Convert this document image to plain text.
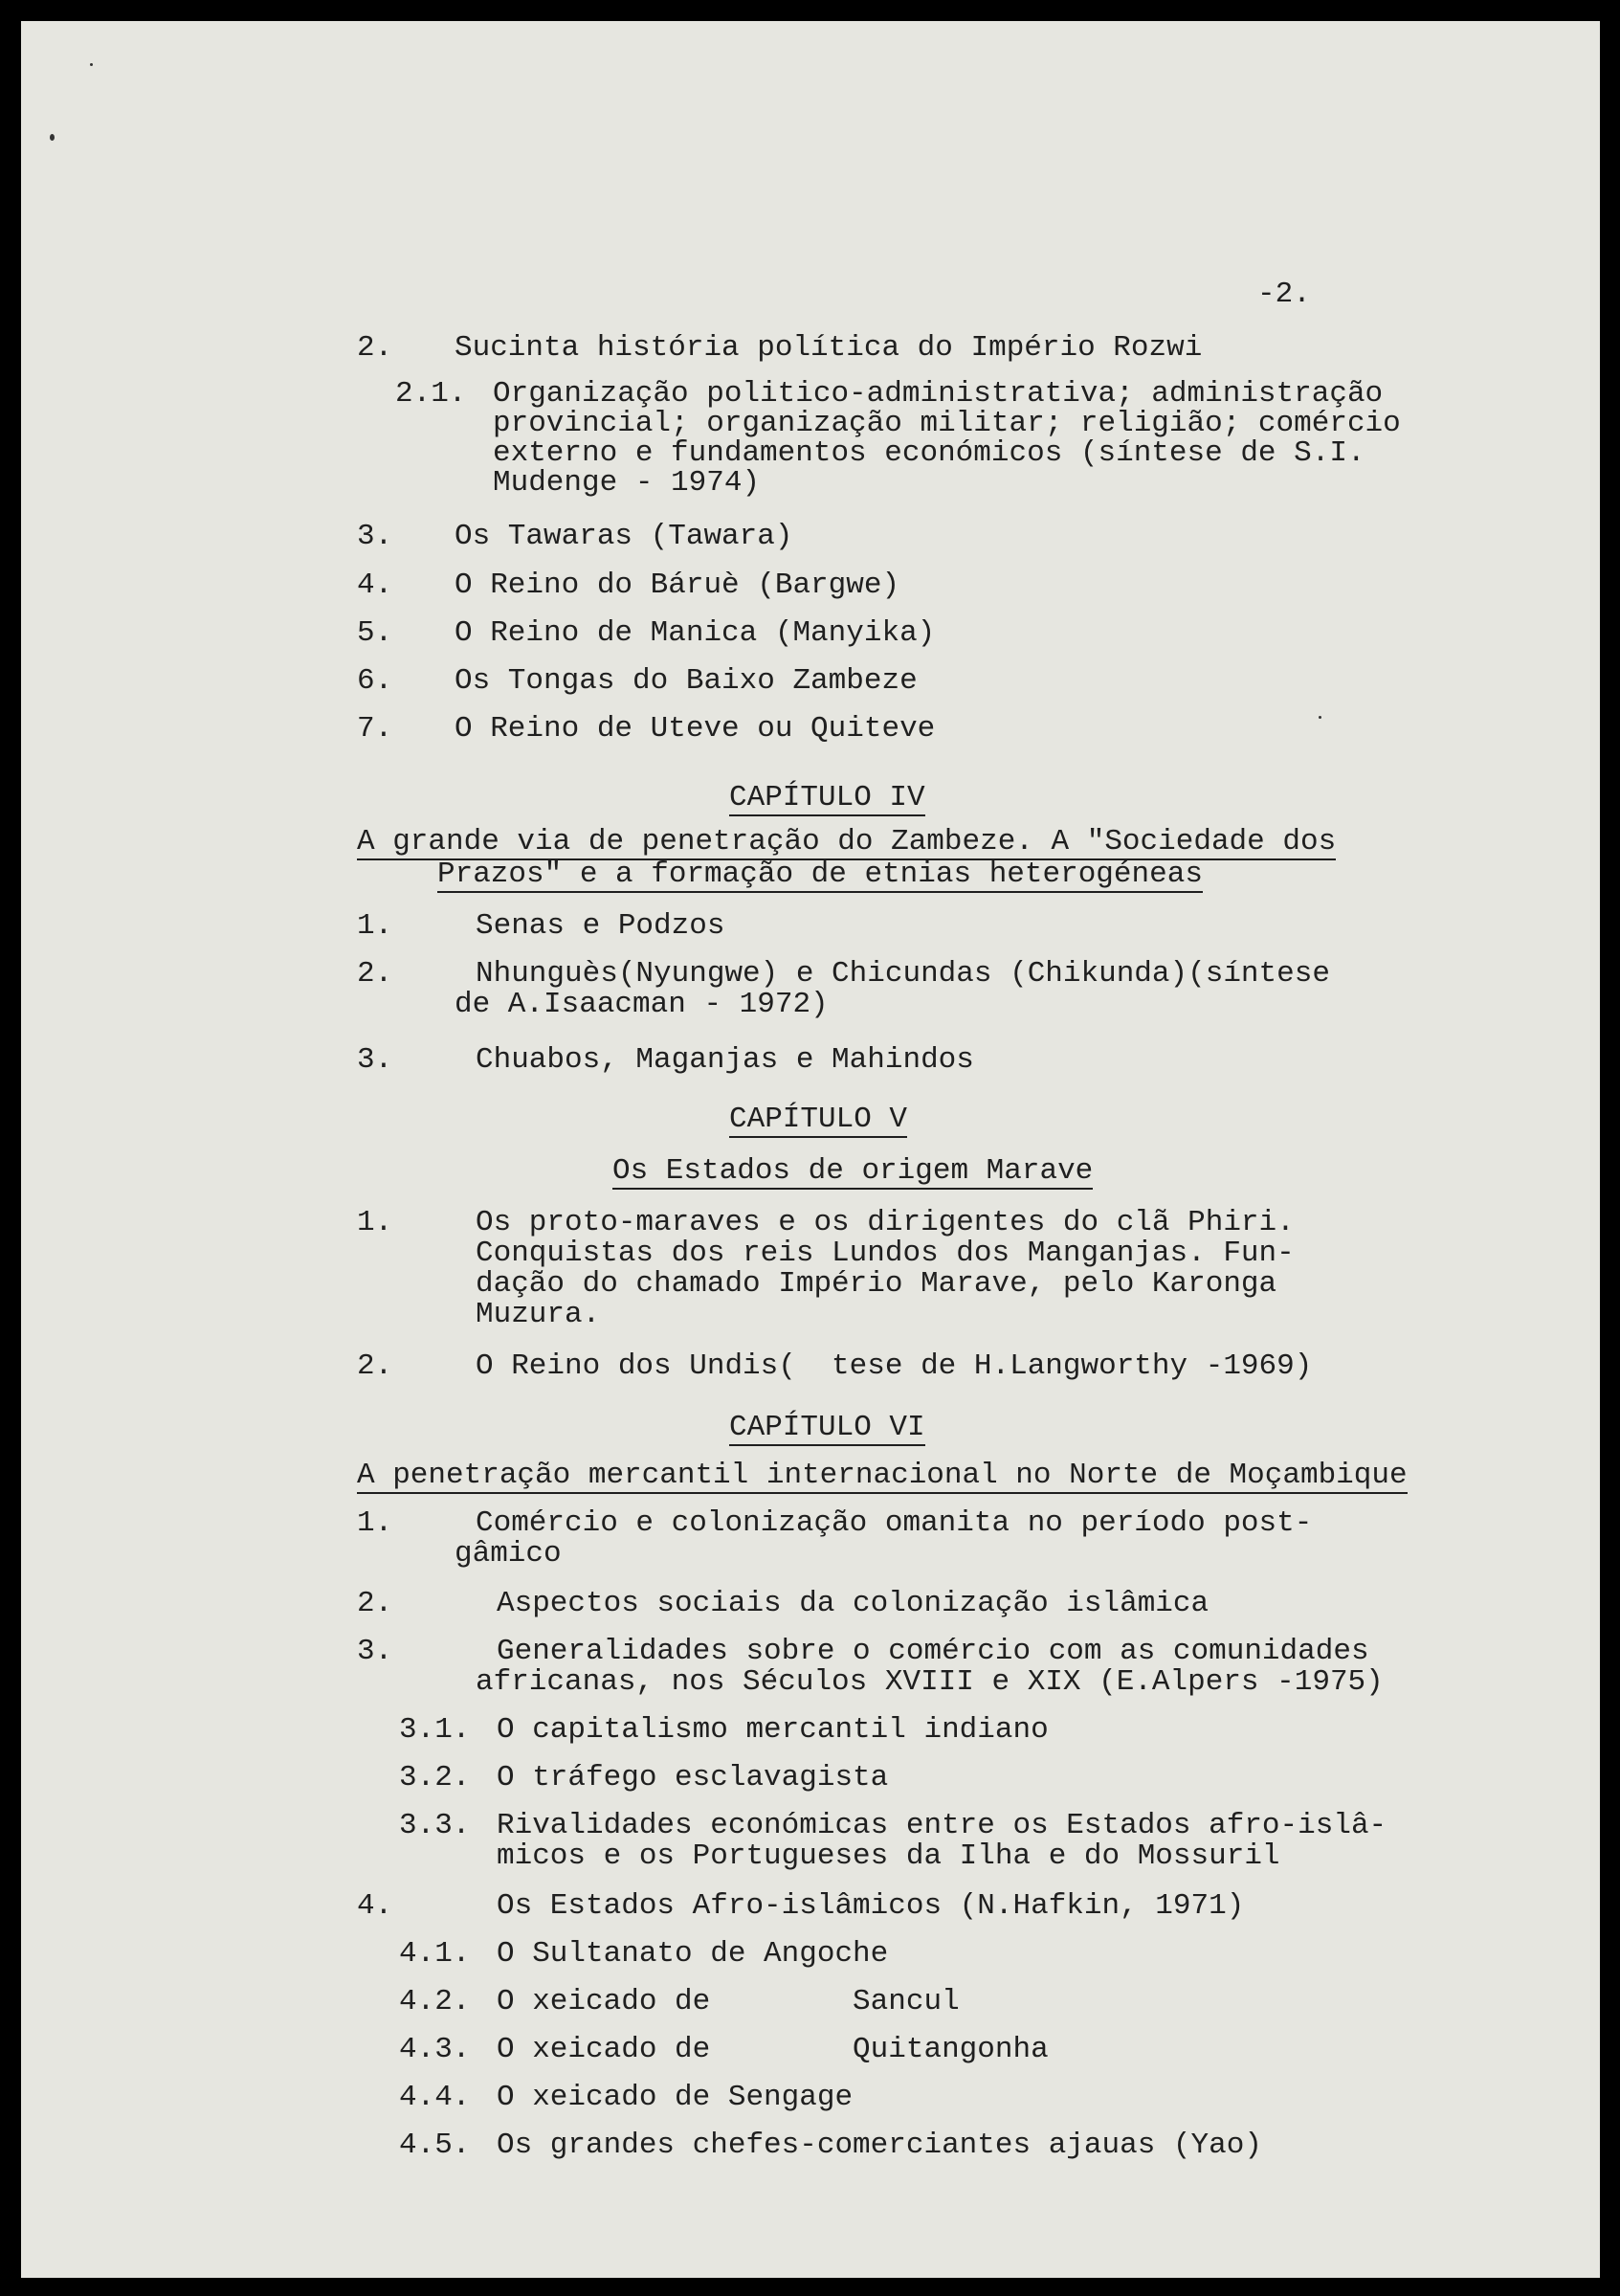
-2.
2. Sucinta história política do Império Rozwi
2.1. Organização politico-administrativa; administração
provincial; organização militar; religião; comércio
externo e fundamentos económicos (síntese de S.I.
Mudenge - 1974)
3. Os Tawaras (Tawara)
4. O Reino do Báruè (Bargwe)
5. O Reino de Manica (Manyika)
6. Os Tongas do Baixo Zambeze
7. O Reino de Uteve ou Quiteve
CAPÍTULO IV
A grande via de penetração do Zambeze. A "Sociedade dos
Prazos" e a formação de etnias heterogéneas
1.	Senas e Podzos
2.	Nhunguès(Nyungwe) e Chicundas (Chikunda)(síntese
de A.Isaacman - 1972)
3.	Chuabos, Maganjas e Mahindos
CAPÍTULO V
Os Estados de origem Marave
1.	Os proto-maraves e os dirigentes do clã Phiri.
Conquistas dos reis Lundos dos Manganjas. Fun-
dação do chamado Império Marave, pelo Karonga
Muzura.
2.	O Reino dos Undis(  tese de H.Langworthy -1969)
CAPÍTULO VI
A penetração mercantil internacional no Norte de Moçambique
1.	Comércio e colonização omanita no período post-
gâmico
2.	Aspectos sociais da colonização islâmica
3.	Generalidades sobre o comércio com as comunidades
africanas, nos Séculos XVIII e XIX (E.Alpers -1975)
3.1. O capitalismo mercantil indiano
3.2. O tráfego esclavagista
3.3. Rivalidades económicas entre os Estados afro-islâ-
micos e os Portugueses da Ilha e do Mossuril
4.	Os Estados Afro-islâmicos (N.Hafkin, 1971)
4.1. O Sultanato de Angoche
4.2. O xeicado de        Sancul
4.3. O xeicado de        Quitangonha
4.4. O xeicado de Sengage
4.5. Os grandes chefes-comerciantes ajauas (Yao)
